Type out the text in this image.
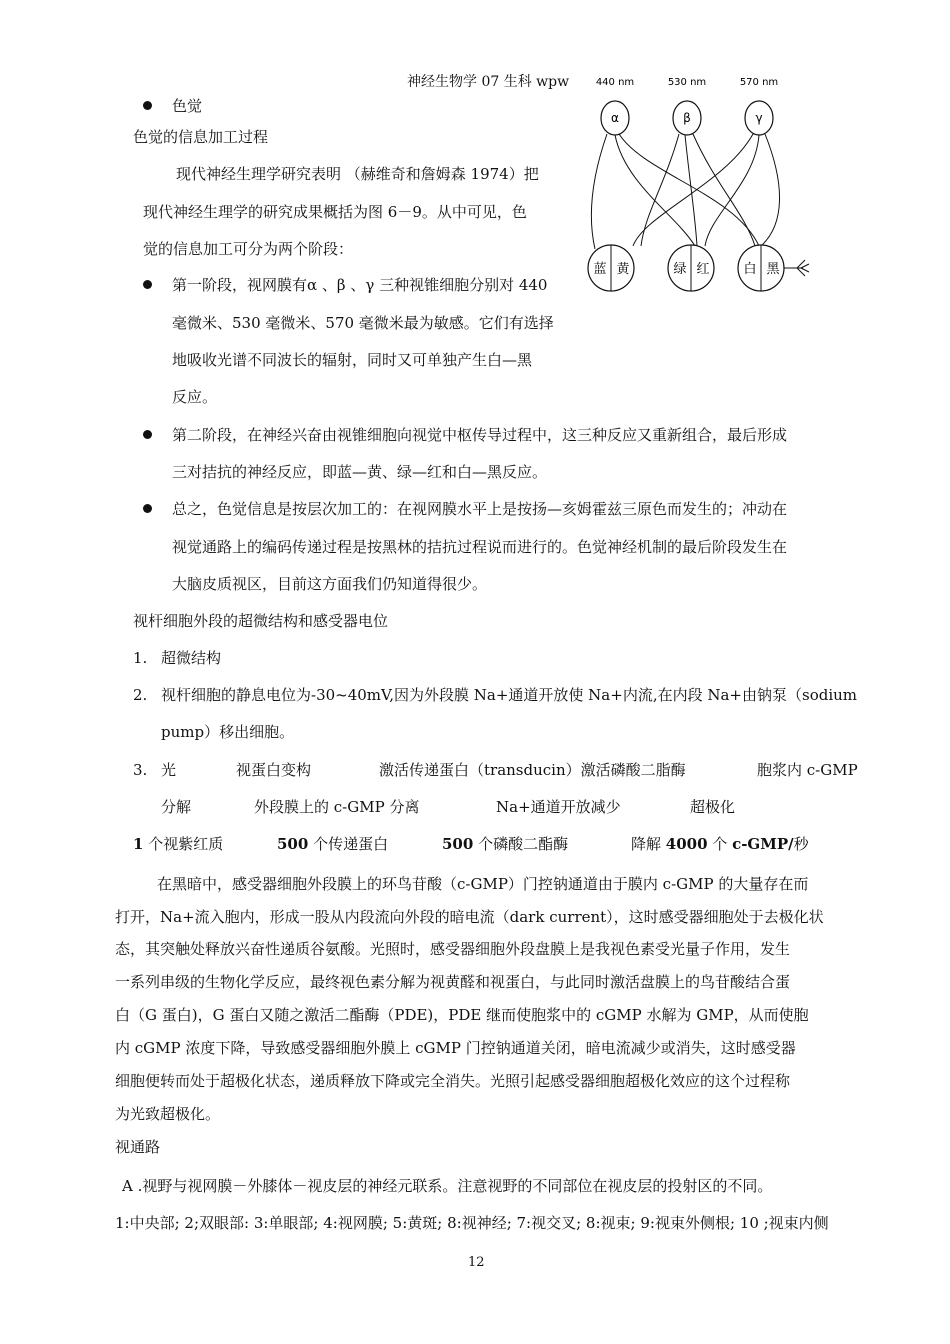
神经生物学 07 生科 wpw	440 nm	530 nm	570 nm
α	β	γ
蓝 黄	绿 红	白 黑
色觉
色觉的信息加工过程
现代神经生理学研究表明 （赫维奇和詹姆森 1974）把
现代神经生理学的研究成果概括为图 6－9。从中可见，色
觉的信息加工可分为两个阶段：
第一阶段，视网膜有α 、β 、γ 三种视锥细胞分别对 440
毫微米、530 毫微米、570 毫微米最为敏感。它们有选择
地吸收光谱不同波长的辐射，同时又可单独产生白—黑
反应。
第二阶段，在神经兴奋由视锥细胞向视觉中枢传导过程中，这三种反应又重新组合，最后形成
三对拮抗的神经反应，即蓝—黄、绿—红和白—黑反应。
总之，色觉信息是按层次加工的：在视网膜水平上是按扬—亥姆霍兹三原色而发生的；冲动在
视觉通路上的编码传递过程是按黑林的拮抗过程说而进行的。色觉神经机制的最后阶段发生在
大脑皮质视区，目前这方面我们仍知道得很少。
视杆细胞外段的超微结构和感受器电位
1. 超微结构
2. 视杆细胞的静息电位为-30~40mV,因为外段膜 Na+通道开放使 Na+内流,在内段 Na+由钠泵（sodium
pump）移出细胞。
3. 光	视蛋白变构	激活传递蛋白（transducin）激活磷酸二脂酶	胞浆内 c-GMP
分解	外段膜上的 c-GMP 分离	Na+通道开放减少	超极化
1 个视紫红质	500 个传递蛋白	500 个磷酸二酯酶	降解 4000 个 c-GMP/秒
在黑暗中，感受器细胞外段膜上的环鸟苷酸（c-GMP）门控钠通道由于膜内 c-GMP 的大量存在而
打开，Na+流入胞内，形成一股从内段流向外段的暗电流（dark current），这时感受器细胞处于去极化状
态，其突触处释放兴奋性递质谷氨酸。光照时，感受器细胞外段盘膜上是我视色素受光量子作用，发生
一系列串级的生物化学反应，最终视色素分解为视黄醛和视蛋白，与此同时激活盘膜上的鸟苷酸结合蛋
白（G 蛋白)，G 蛋白又随之激活二酯酶（PDE)，PDE 继而使胞浆中的 cGMP 水解为 GMP，从而使胞
内 cGMP 浓度下降，导致感受器细胞外膜上 cGMP 门控钠通道关闭，暗电流减少或消失，这时感受器
细胞便转而处于超极化状态，递质释放下降或完全消失。光照引起感受器细胞超极化效应的这个过程称
为光致超极化。
视通路
A .视野与视网膜－外膝体－视皮层的神经元联系。注意视野的不同部位在视皮层的投射区的不同。
1:中央部; 2;双眼部: 3:单眼部; 4:视网膜; 5:黄斑; 8:视神经; 7:视交叉; 8:视束; 9:视束外侧根; 10 ;视束内侧
12
